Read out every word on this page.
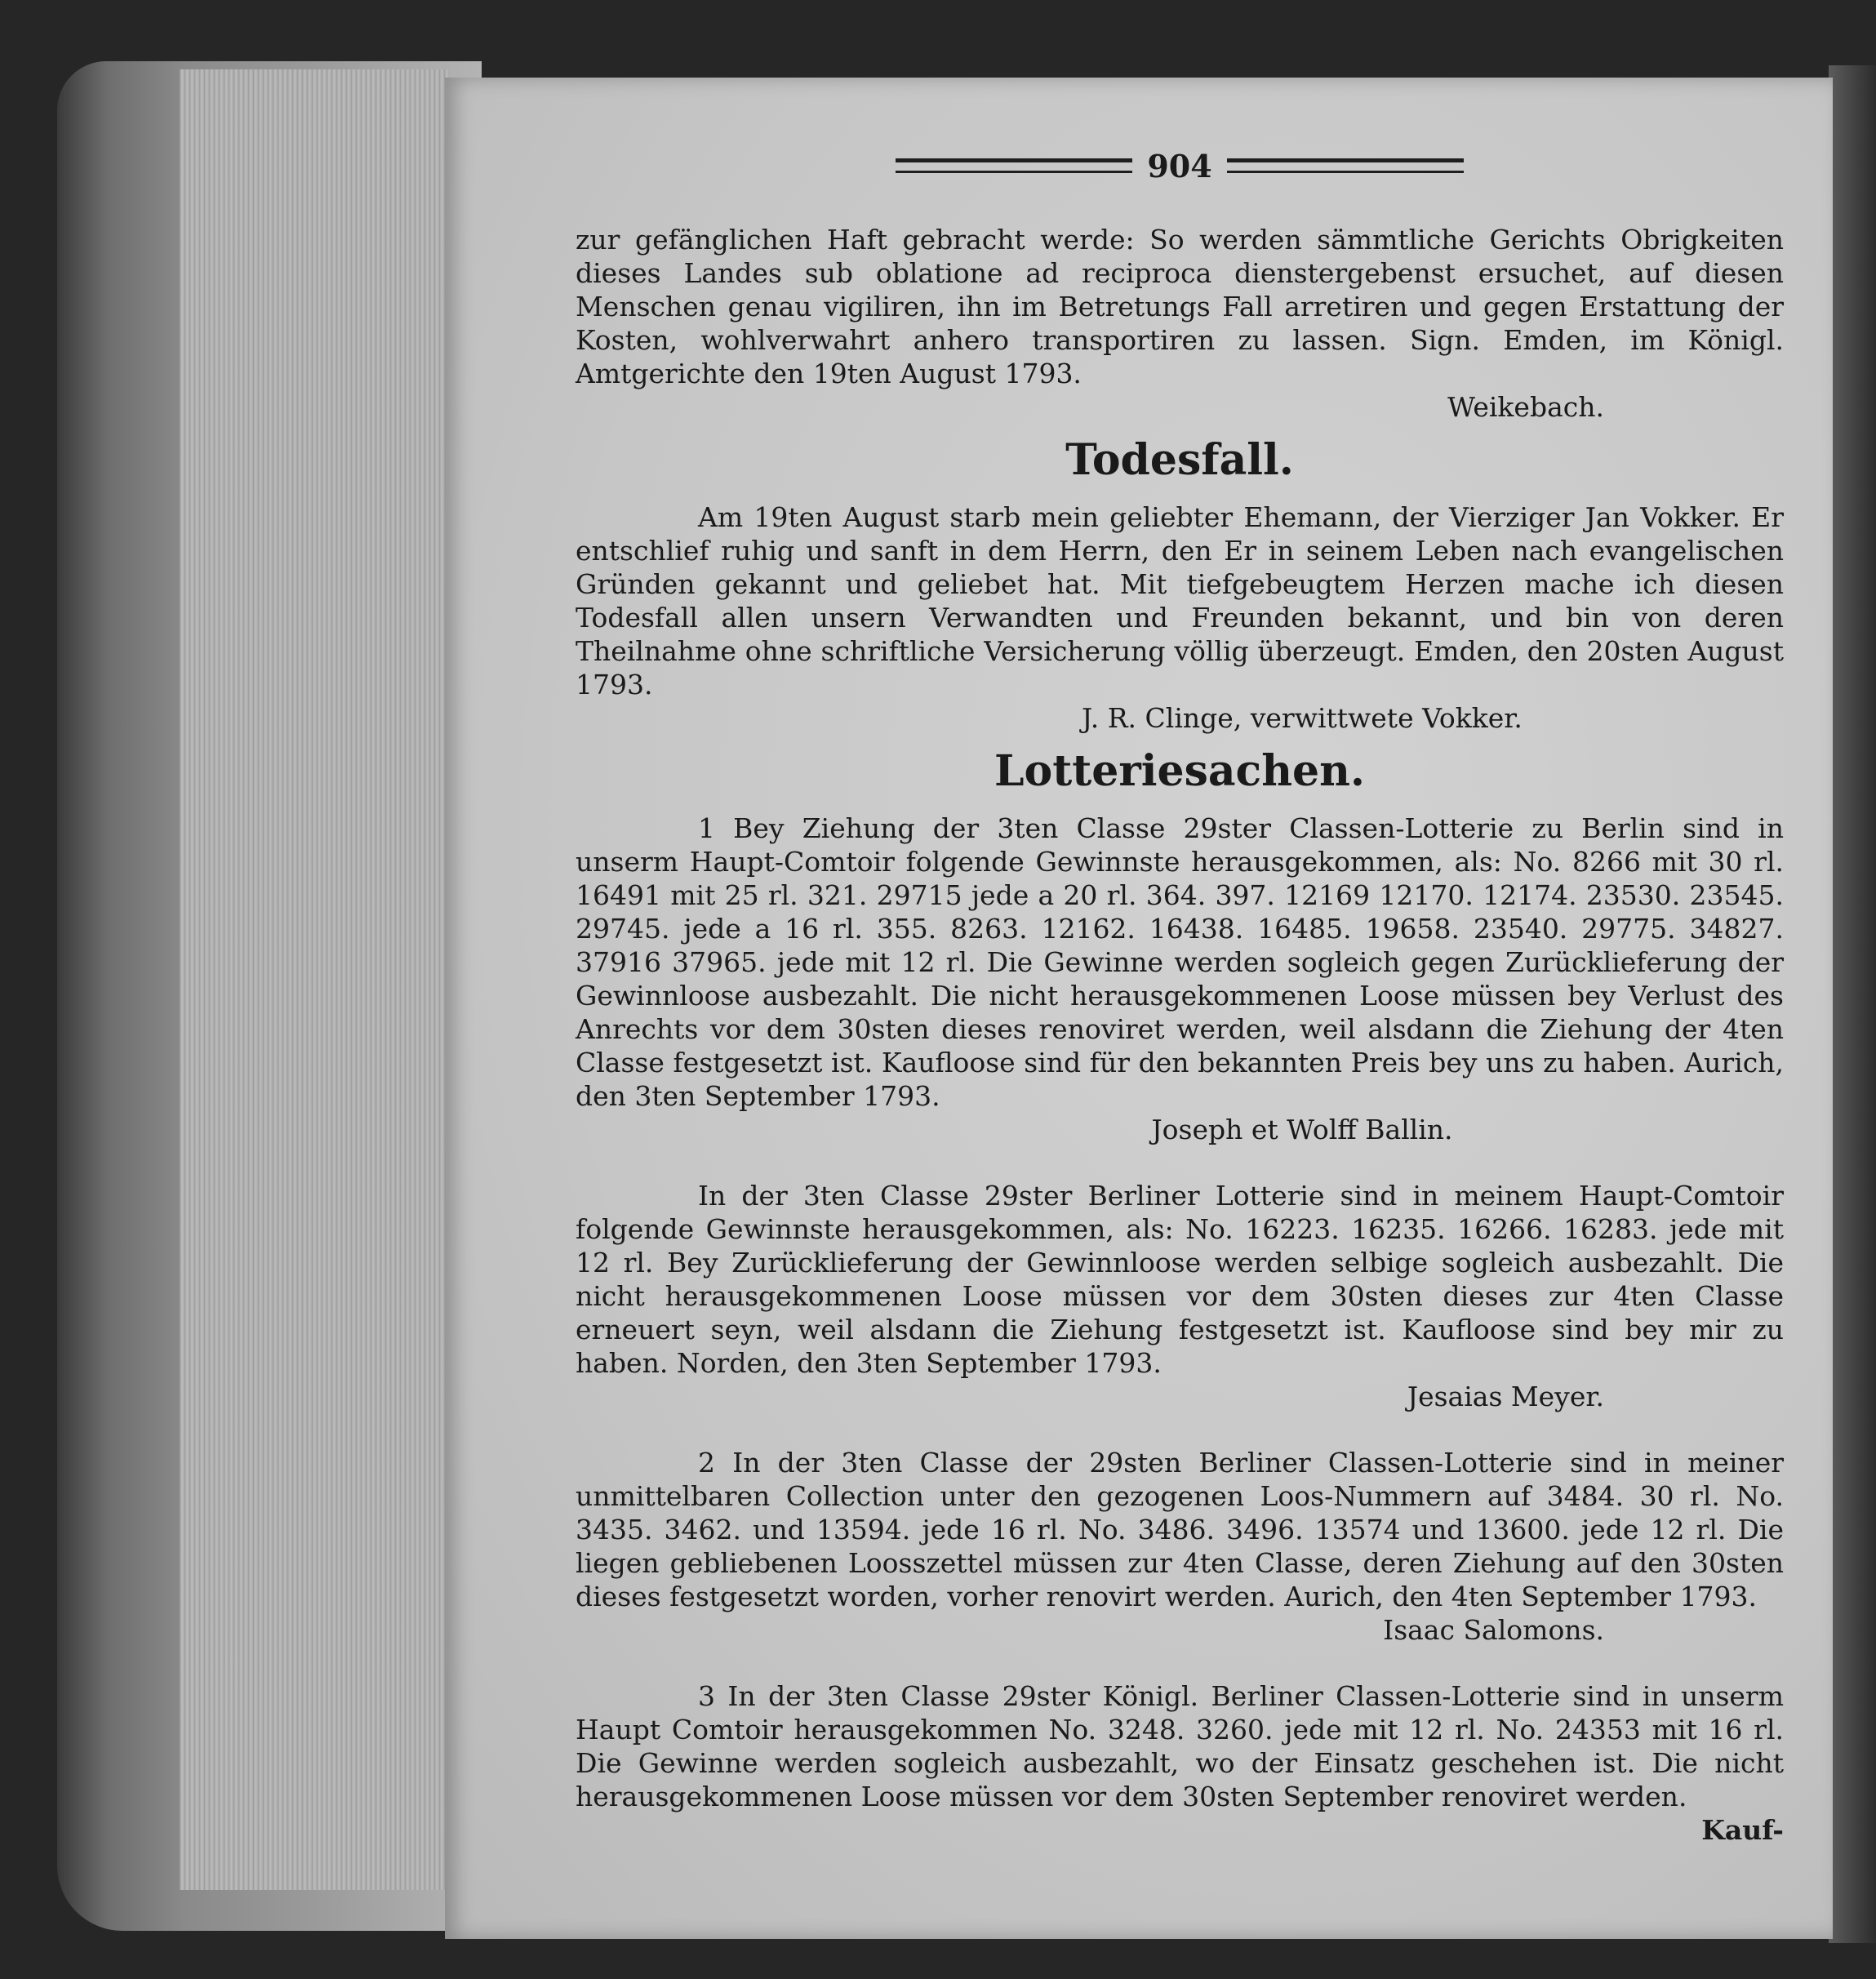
904

zur gefänglichen Haft gebracht werde: So werden sämmtliche Gerichts Obrigkeiten dieses Landes sub oblatione ad reciproca dienstergebenst ersuchet, auf diesen Menschen genau vigiliren, ihn im Betretungs Fall arretiren und gegen Erstattung der Kosten, wohlverwahrt anhero transportiren zu lassen. Sign. Emden, im Königl. Amtgerichte den 19ten August 1793.

Weikebach.

Todesfall.

Am 19ten August starb mein geliebter Ehemann, der Vierziger Jan Vokker. Er entschlief ruhig und sanft in dem Herrn, den Er in seinem Leben nach evangelischen Gründen gekannt und geliebet hat. Mit tiefgebeugtem Herzen mache ich diesen Todesfall allen unsern Verwandten und Freunden bekannt, und bin von deren Theilnahme ohne schriftliche Versicherung völlig überzeugt. Emden, den 20sten August 1793.

J. R. Clinge, verwittwete Vokker.

Lotteriesachen.

1 Bey Ziehung der 3ten Classe 29ster Classen-Lotterie zu Berlin sind in unserm Haupt-Comtoir folgende Gewinnste herausgekommen, als: No. 8266 mit 30 rl. 16491 mit 25 rl. 321. 29715 jede a 20 rl. 364. 397. 12169 12170. 12174. 23530. 23545. 29745. jede a 16 rl. 355. 8263. 12162. 16438. 16485. 19658. 23540. 29775. 34827. 37916 37965. jede mit 12 rl. Die Gewinne werden sogleich gegen Zurücklieferung der Gewinnloose ausbezahlt. Die nicht herausgekommenen Loose müssen bey Verlust des Anrechts vor dem 30sten dieses renoviret werden, weil alsdann die Ziehung der 4ten Classe festgesetzt ist. Kaufloose sind für den bekannten Preis bey uns zu haben. Aurich, den 3ten September 1793.

Joseph et Wolff Ballin.

In der 3ten Classe 29ster Berliner Lotterie sind in meinem Haupt-Comtoir folgende Gewinnste herausgekommen, als: No. 16223. 16235. 16266. 16283. jede mit 12 rl. Bey Zurücklieferung der Gewinnloose werden selbige sogleich ausbezahlt. Die nicht herausgekommenen Loose müssen vor dem 30sten dieses zur 4ten Classe erneuert seyn, weil alsdann die Ziehung festgesetzt ist. Kaufloose sind bey mir zu haben. Norden, den 3ten September 1793.

Jesaias Meyer.

2 In der 3ten Classe der 29sten Berliner Classen-Lotterie sind in meiner unmittelbaren Collection unter den gezogenen Loos-Nummern auf 3484. 30 rl. No. 3435. 3462. und 13594. jede 16 rl. No. 3486. 3496. 13574 und 13600. jede 12 rl. Die liegen gebliebenen Loosszettel müssen zur 4ten Classe, deren Ziehung auf den 30sten dieses festgesetzt worden, vorher renovirt werden. Aurich, den 4ten September 1793.

Isaac Salomons.

3 In der 3ten Classe 29ster Königl. Berliner Classen-Lotterie sind in unserm Haupt Comtoir herausgekommen No. 3248. 3260. jede mit 12 rl. No. 24353 mit 16 rl. Die Gewinne werden sogleich ausbezahlt, wo der Einsatz geschehen ist. Die nicht herausgekommenen Loose müssen vor dem 30sten September renoviret werden.

Kauf-
